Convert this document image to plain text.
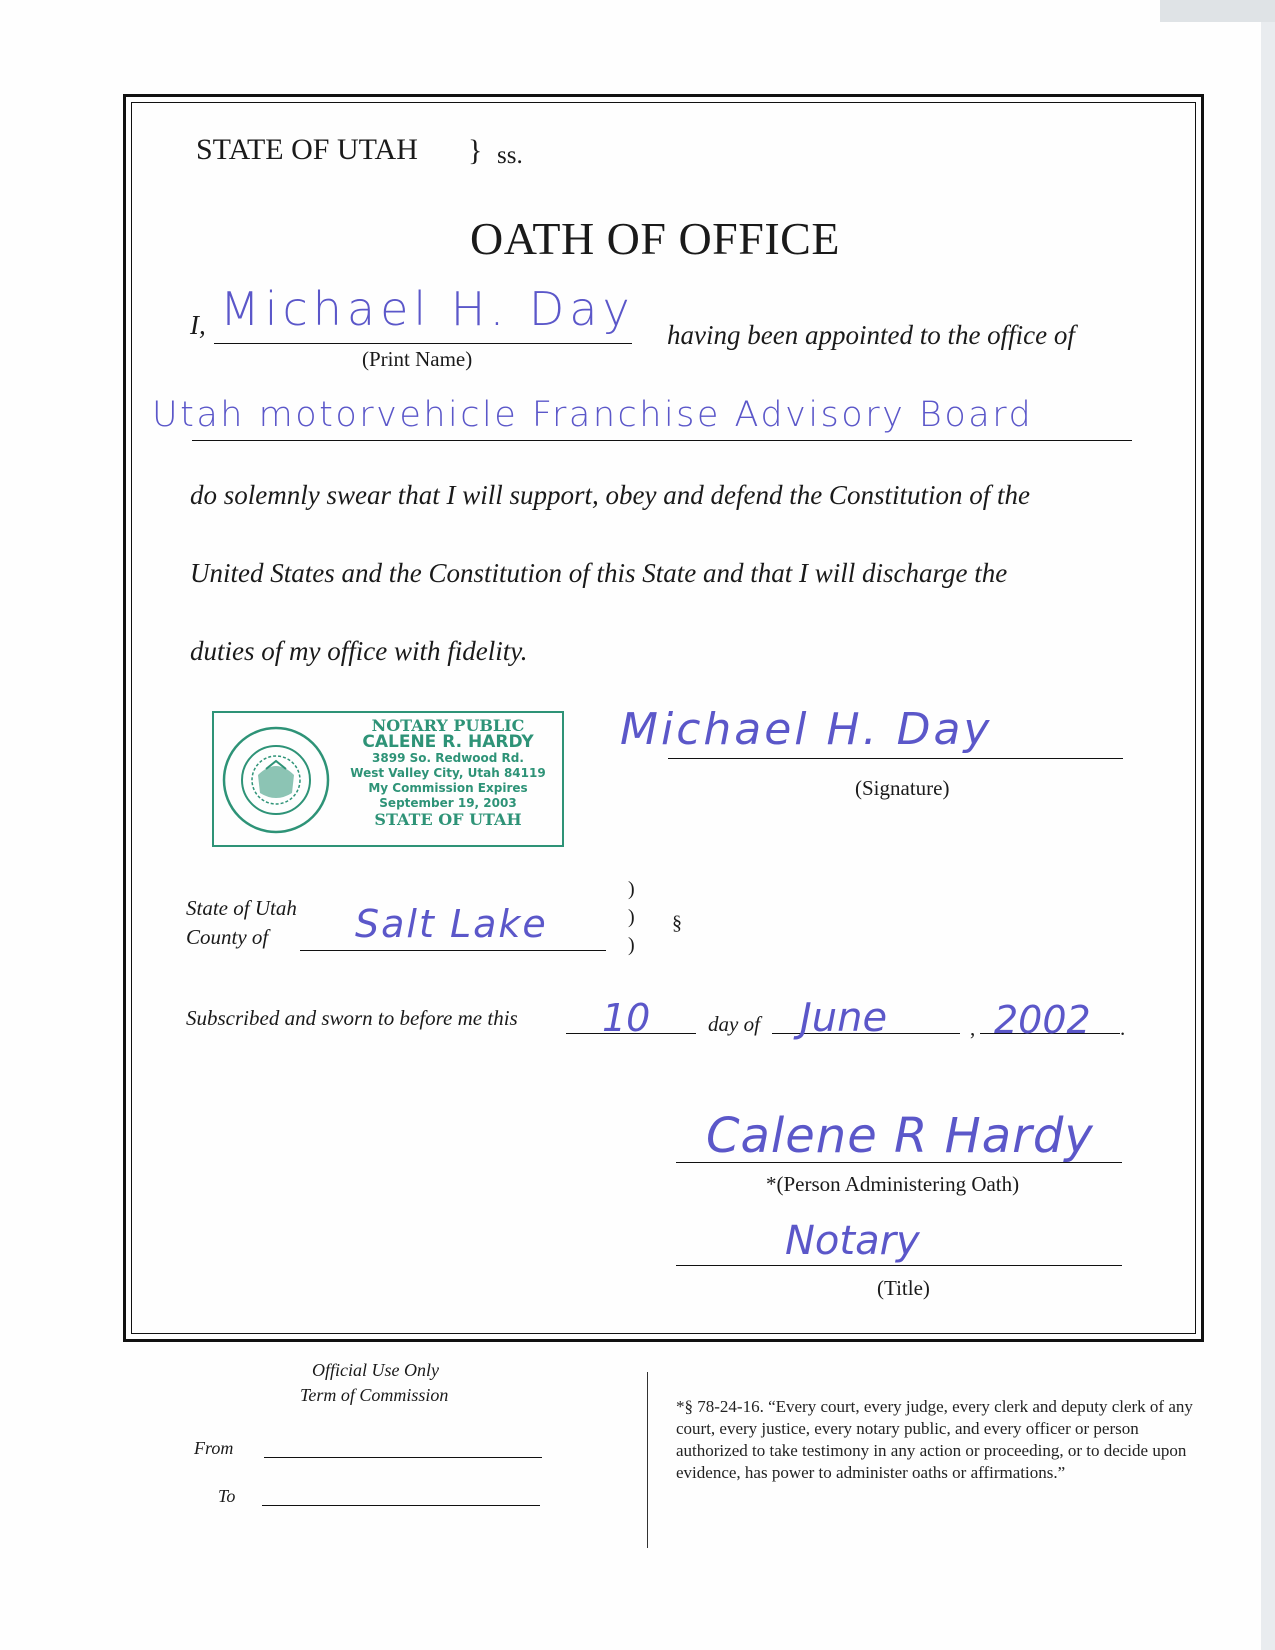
STATE OF UTAH } ss.
OATH OF OFFICE
I, Michael H. Day
(Print Name)
having been appointed to the office of
Utah motorvehicle Franchise Advisory Board
do solemnly swear that I will support, obey and defend the Constitution of the
United States and the Constitution of this State and that I will discharge the
duties of my office with fidelity.
NOTARY PUBLIC
CALENE R. HARDY
3899 So. Redwood Rd.
West Valley City, Utah 84119
My Commission Expires
September 19, 2003
STATE OF UTAH
Michael H. Day
(Signature)
State of Utah
County of Salt Lake
)
)
)
§
Subscribed and sworn to before me this 10	day of June	, 2002 .
Calene R Hardy
*(Person Administering Oath)
Notary
(Title)
Official Use Only
Term of Commission
From
To
*§ 78-24-16. “Every court, every judge, every clerk and deputy clerk of any court, every justice, every notary public, and every officer or person authorized to take testimony in any action or proceeding, or to decide upon evidence, has power to administer oaths or affirmations.”
